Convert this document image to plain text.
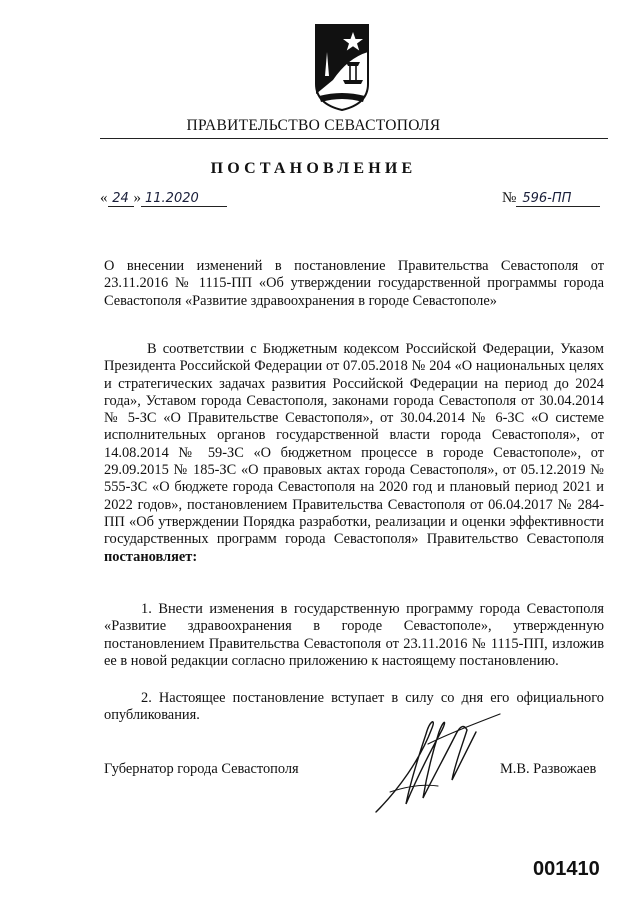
ПРАВИТЕЛЬСТВО СЕВАСТОПОЛЯ
ПОСТАНОВЛЕНИЕ
« 24 » 11.2020	№ 596-ПП
О внесении изменений в постановление Правительства Севастополя от 23.11.2016 № 1115-ПП «Об утверждении государственной программы города Севастополя «Развитие здравоохранения в городе Севастополе»
В соответствии с Бюджетным кодексом Российской Федерации, Указом Президента Российской Федерации от 07.05.2018 № 204 «О национальных целях и стратегических задачах развития Российской Федерации на период до 2024 года», Уставом города Севастополя, законами города Севастополя от 30.04.2014 № 5-ЗС «О Правительстве Севастополя», от 30.04.2014 № 6-ЗС «О системе исполнительных органов государственной власти города Севастополя», от 14.08.2014 № 59-ЗС «О бюджетном процессе в городе Севастополе», от 29.09.2015 № 185-ЗС «О правовых актах города Севастополя», от 05.12.2019 № 555-ЗС «О бюджете города Севастополя на 2020 год и плановый период 2021 и 2022 годов», постановлением Правительства Севастополя от 06.04.2017 № 284-ПП «Об утверждении Порядка разработки, реализации и оценки эффективности государственных программ города Севастополя» Правительство Севастополя постановляет:
1. Внести изменения в государственную программу города Севастополя «Развитие здравоохранения в городе Севастополе», утвержденную постановлением Правительства Севастополя от 23.11.2016 № 1115-ПП, изложив ее в новой редакции согласно приложению к настоящему постановлению.
2. Настоящее постановление вступает в силу со дня его официального опубликования.
Губернатор города Севастополя	М.В. Развожаев
001410
